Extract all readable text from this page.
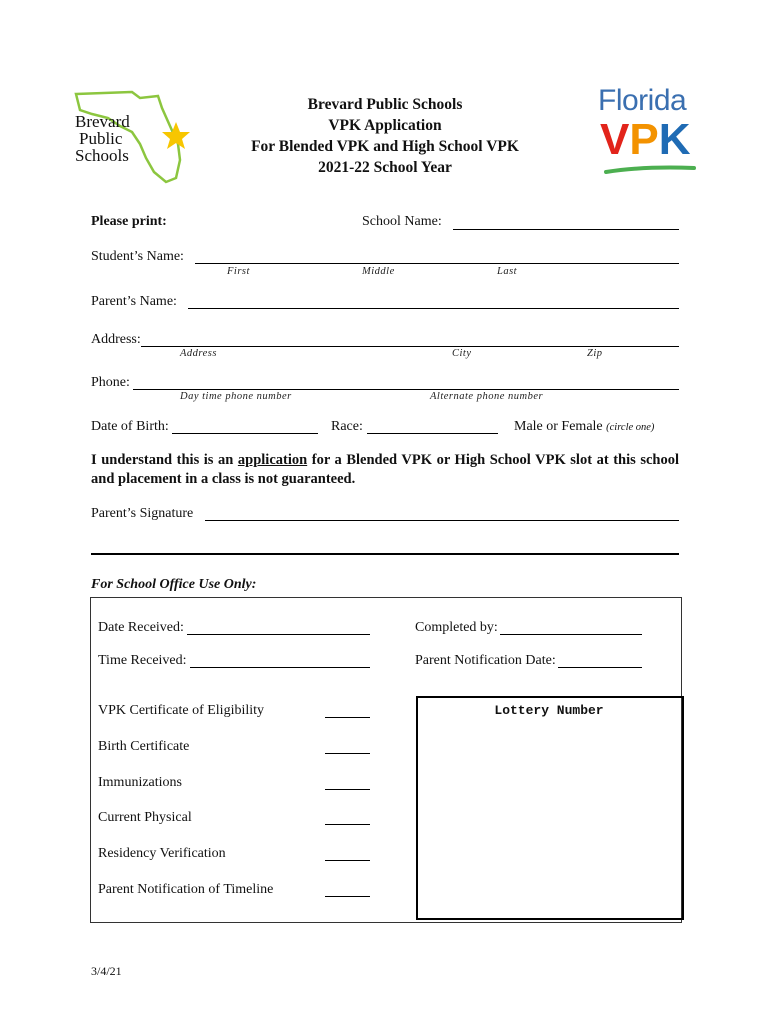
Brevard
Public
Schools
Brevard Public Schools
VPK Application
For Blended VPK and High School VPK
2021-22 School Year
Florida
VPK
Please print:	School Name:
Student’s Name:
First	Middle	Last
Parent’s Name:
Address:
Address	City	Zip
Phone:
Day time phone number	Alternate phone number
Date of Birth:	Race:	Male or Female (circle one)
I understand this is an application for a Blended VPK or High School VPK slot at this school and placement in a class is not guaranteed.
Parent’s Signature
For School Office Use Only:
Date Received:	Completed by:
Time Received:	Parent Notification Date:
VPK Certificate of Eligibility
Birth Certificate
Immunizations
Current Physical
Residency Verification
Parent Notification of Timeline
Lottery Number
3/4/21
